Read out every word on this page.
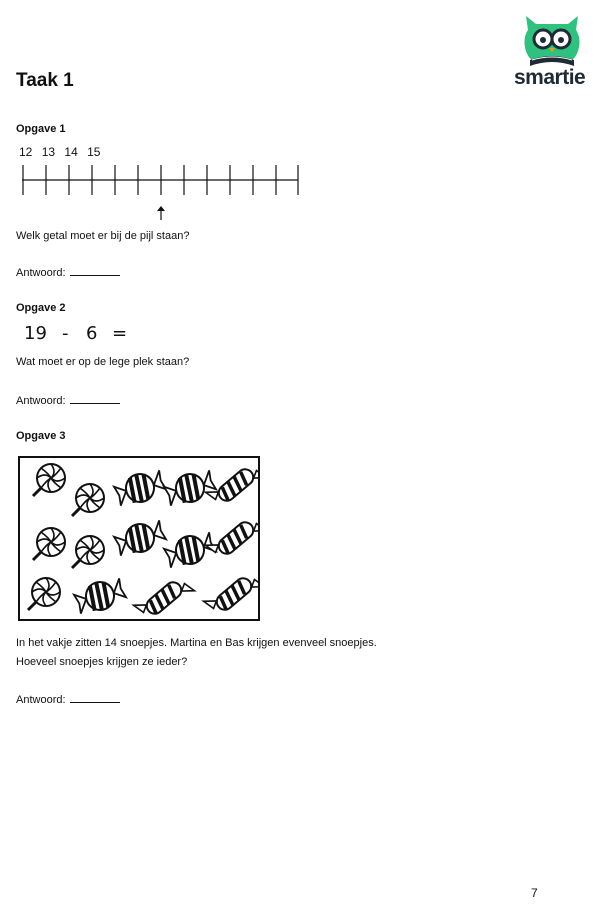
Taak 1	smartie
Opgave 1
12 13 14 15
Welk getal moet er bij de pijl staan?
Antwoord:
Opgave 2
19 - 6 =
Wat moet er op de lege plek staan?
Antwoord:
Opgave 3
In het vakje zitten 14 snoepjes. Martina en Bas krijgen evenveel snoepjes.
Hoeveel snoepjes krijgen ze ieder?
Antwoord:
7
